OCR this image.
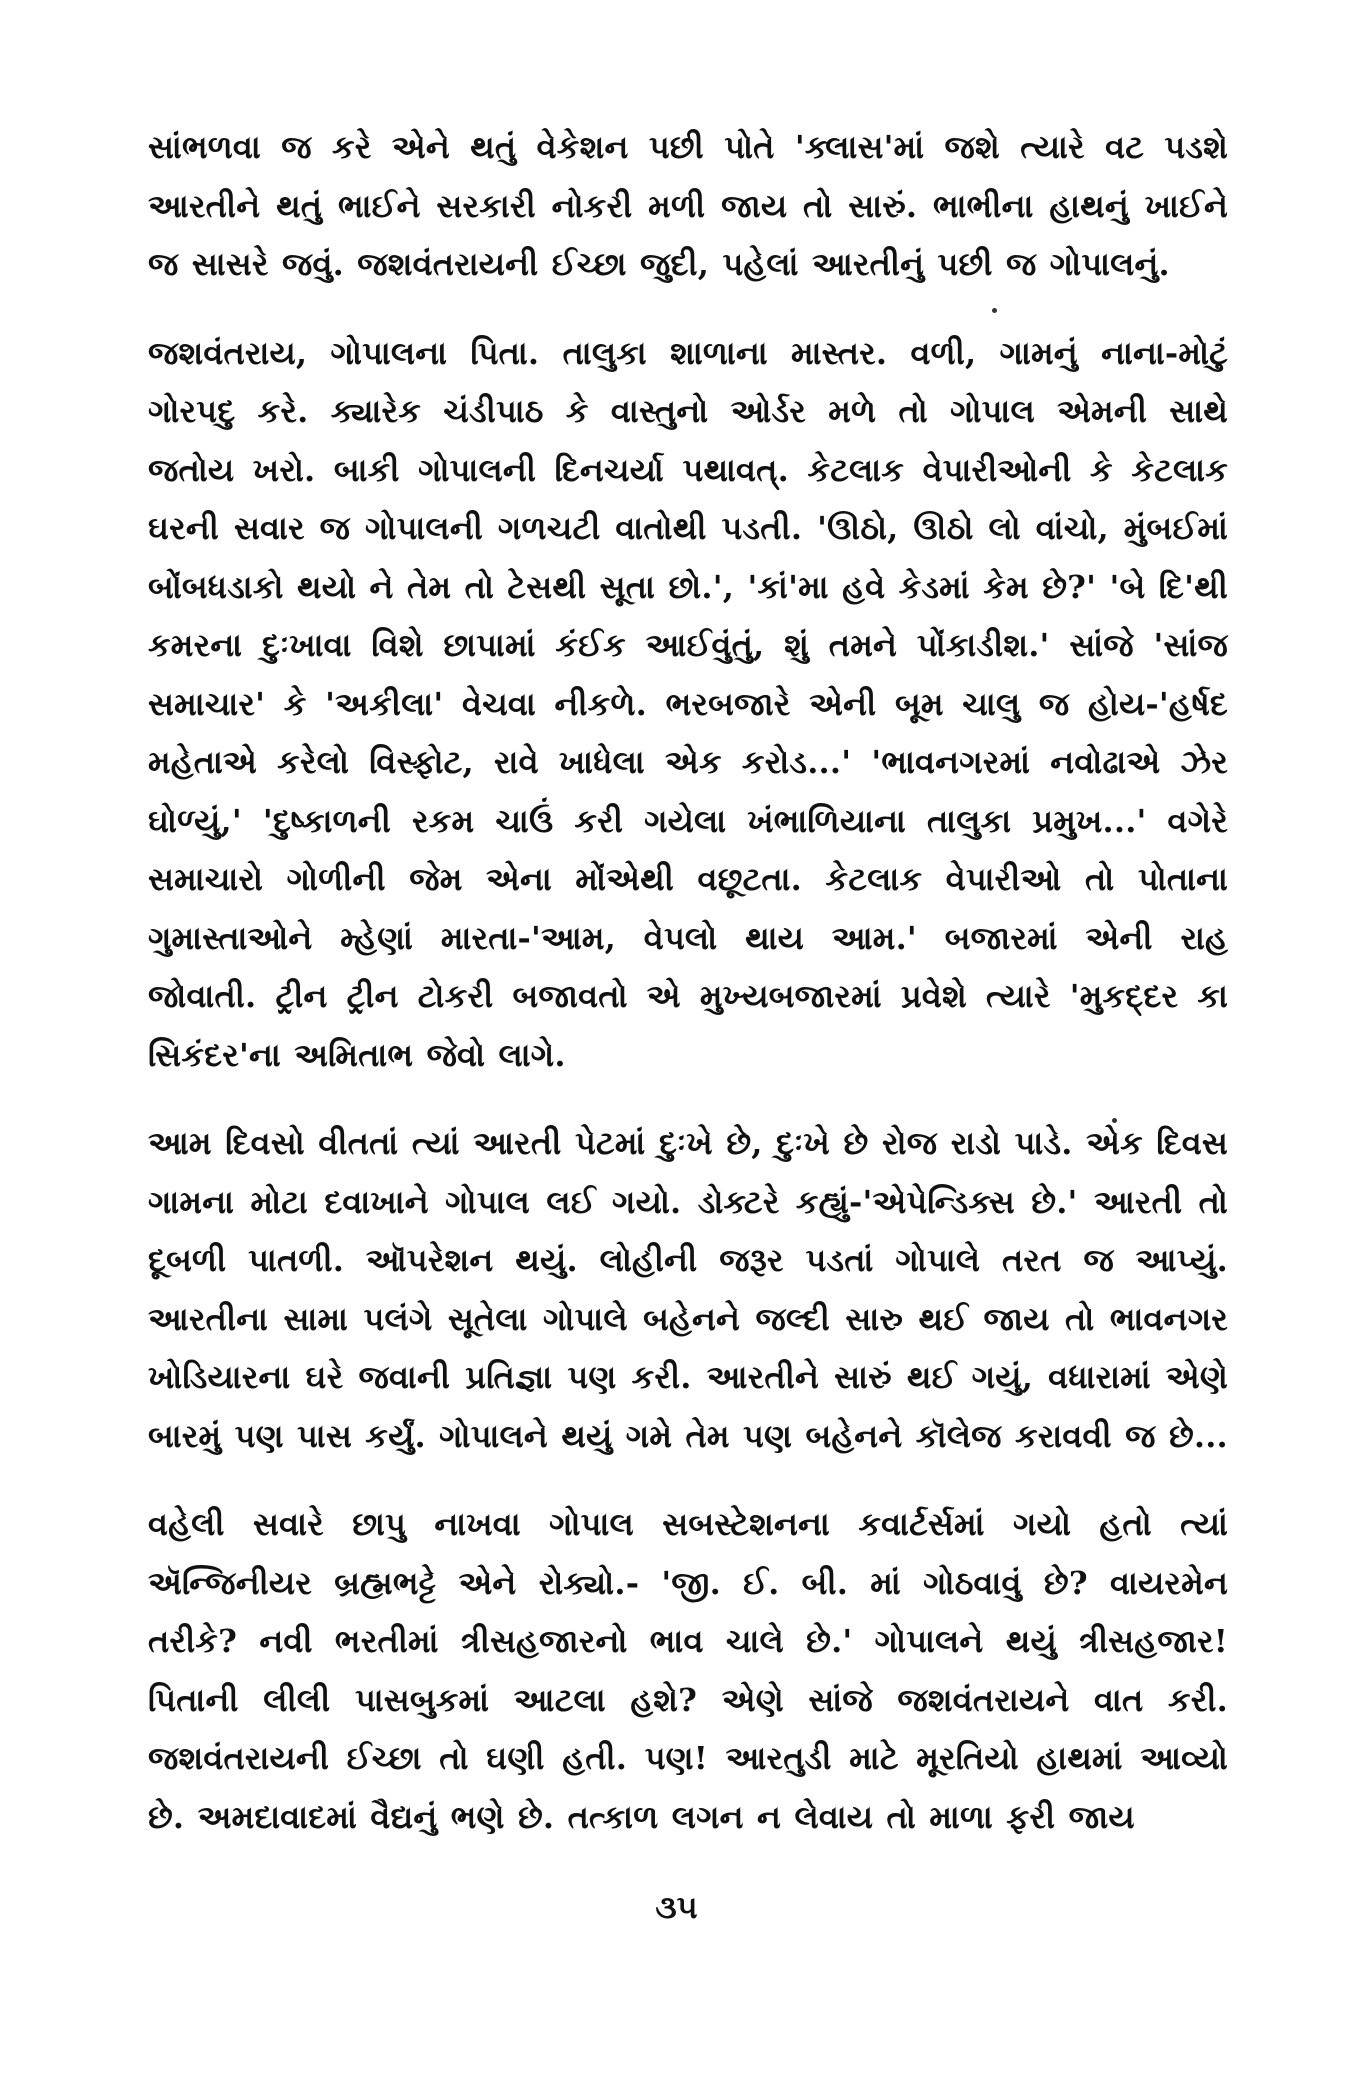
સાંભળવા જ કરે એને થતું વેકેશન પછી પોતે 'ક્લાસ'માં જશે ત્યારે વટ પડશે આરતીને થતું ભાઈને સરકારી નોકરી મળી જાય તો સારું. ભાભીના હાથનું ખાઈને જ સાસરે જવું. જશવંતરાયની ઈચ્છા જુદી, પહેલાં આરતીનું પછી જ ગોપાલનું.

જશવંતરાય, ગોપાલના પિતા. તાલુકા શાળાના માસ્તર. વળી, ગામનું નાના-મોટું ગોરપદુ કરે. ક્યારેક ચંડીપાઠ કે વાસ્તુનો ઓર્ડર મળે તો ગોપાલ એમની સાથે જતોય ખરો. બાકી ગોપાલની દિનચર્યા પથાવત્. કેટલાક વેપારીઓની કે કેટલાક ઘરની સવાર જ ગોપાલની ગળચટી વાતોથી પડતી. 'ઊઠો, ઊઠો લો વાંચો, મુંબઈમાં બોંબધડાકો થયો ને તેમ તો ટેસથી સૂતા છો.', 'કાં'મા હવે કેડમાં કેમ છે?' 'બે દિ'થી કમરના દુઃખાવા વિશે છાપામાં કંઈક આઈવુંતું, શું તમને પોંકાડીશ.' સાંજે 'સાંજ સમાચાર' કે 'અકીલા' વેચવા નીકળે. ભરબજારે એની બૂમ ચાલુ જ હોય-'હર્ષદ મહેતાએ કરેલો વિસ્ફોટ, રાવે ખાધેલા એક કરોડ...' 'ભાવનગરમાં નવોઢાએ ઝેર ઘોળ્યું,' 'દુષ્કાળની રકમ ચાઉં કરી ગયેલા ખંભાળિયાના તાલુકા પ્રમુખ...' વગેરે સમાચારો ગોળીની જેમ એના મોંએથી વછૂટતા. કેટલાક વેપારીઓ તો પોતાના ગુમાસ્તાઓને મ્હેણાં મારતા-'આમ, વેપલો થાય આમ.' બજારમાં એની રાહ જોવાતી. ટ્રીન ટ્રીન ટોકરી બજાવતો એ મુખ્યબજારમાં પ્રવેશે ત્યારે 'મુકદ્દર કા સિકંદર'ના અમિતાભ જેવો લાગે.

આમ દિવસો વીતતાં ત્યાં આરતી પેટમાં દુઃખે છે, દુઃખે છે રોજ રાડો પાડે. એક દિવસ ગામના મોટા દવાખાને ગોપાલ લઈ ગયો. ડોક્ટરે કહ્યું-'એપેન્ડિક્સ છે.' આરતી તો દૂબળી પાતળી. ઑપરેશન થયું. લોહીની જરૂર પડતાં ગોપાલે તરત જ આપ્યું. આરતીના સામા પલંગે સૂતેલા ગોપાલે બહેનને જલ્દી સારુ થઈ જાય તો ભાવનગર ખોડિયારના ઘરે જવાની પ્રતિજ્ઞા પણ કરી. આરતીને સારું થઈ ગયું, વધારામાં એણે બારમું પણ પાસ કર્યું. ગોપાલને થયું ગમે તેમ પણ બહેનને કૉલેજ કરાવવી જ છે...

વહેલી સવારે છાપુ નાખવા ગોપાલ સબસ્ટેશનના કવાર્ટર્સમાં ગયો હતો ત્યાં ઍન્જિનીયર બ્રહ્મભટ્ટે એને રોક્યો.- 'જી. ઈ. બી. માં ગોઠવાવું છે? વાયરમેન તરીકે? નવી ભરતીમાં ત્રીસહજારનો ભાવ ચાલે છે.' ગોપાલને થયું ત્રીસહજાર! પિતાની લીલી પાસબુકમાં આટલા હશે? એણે સાંજે જશવંતરાયને વાત કરી. જશવંતરાયની ઈચ્છા તો ઘણી હતી. પણ! આરતુડી માટે મૂરતિયો હાથમાં આવ્યો છે. અમદાવાદમાં વૈદ્યનું ભણે છે. તત્કાળ લગન ન લેવાય તો માળા ફરી જાય

૩૫
